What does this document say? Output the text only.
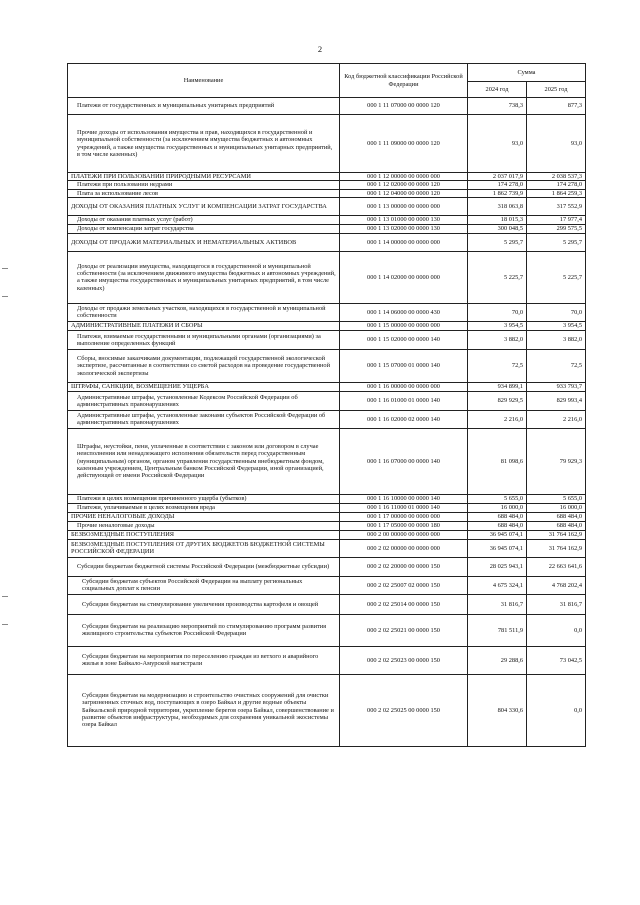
2
Наименование	Код бюджетной классификации Российской Федерации	Сумма	
		2024 год	2025 год
Платежи от государственных и муниципальных унитарных предприятий	000 1 11 07000 00 0000 120	738,3	877,3
Прочие доходы от использования имущества и прав, находящихся в государственной и муниципальной собственности (за исключением имущества бюджетных и автономных учреждений, а также имущества государственных и муниципальных унитарных предприятий, в том числе казенных)	000 1 11 09000 00 0000 120	93,0	93,0
ПЛАТЕЖИ ПРИ ПОЛЬЗОВАНИИ ПРИРОДНЫМИ РЕСУРСАМИ	000 1 12 00000 00 0000 000	2 037 017,9	2 038 537,3
Платежи при пользовании недрами	000 1 12 02000 00 0000 120	174 278,0	174 278,0
Плата за использование лесов	000 1 12 04000 00 0000 120	1 862 739,9	1 864 259,3
ДОХОДЫ ОТ ОКАЗАНИЯ ПЛАТНЫХ УСЛУГ И КОМПЕНСАЦИИ ЗАТРАТ ГОСУДАРСТВА	000 1 13 00000 00 0000 000	318 063,8	317 552,9
Доходы от оказания платных услуг (работ)	000 1 13 01000 00 0000 130	18 015,3	17 977,4
Доходы от компенсации затрат государства	000 1 13 02000 00 0000 130	300 048,5	299 575,5
ДОХОДЫ ОТ ПРОДАЖИ МАТЕРИАЛЬНЫХ И НЕМАТЕРИАЛЬНЫХ АКТИВОВ	000 1 14 00000 00 0000 000	5 295,7	5 295,7
Доходы от реализации имущества, находящегося в государственной и муниципальной собственности (за исключением движимого имущества бюджетных и автономных учреждений, а также имущества государственных и муниципальных унитарных предприятий, в том числе казенных)	000 1 14 02000 00 0000 000	5 225,7	5 225,7
Доходы от продажи земельных участков, находящихся в государственной и муниципальной собственности	000 1 14 06000 00 0000 430	70,0	70,0
АДМИНИСТРАТИВНЫЕ ПЛАТЕЖИ И СБОРЫ	000 1 15 00000 00 0000 000	3 954,5	3 954,5
Платежи, взимаемые государственными и муниципальными органами (организациями) за выполнение определенных функций	000 1 15 02000 00 0000 140	3 882,0	3 882,0
Сборы, вносимые заказчиками документации, подлежащей государственной экологической экспертизе, рассчитанные в соответствии со сметой расходов на проведение государственной экологической экспертизы	000 1 15 07000 01 0000 140	72,5	72,5
ШТРАФЫ, САНКЦИИ, ВОЗМЕЩЕНИЕ УЩЕРБА	000 1 16 00000 00 0000 000	934 899,1	933 793,7
Административные штрафы, установленные Кодексом Российской Федерации об административных правонарушениях	000 1 16 01000 01 0000 140	829 929,5	829 993,4
Административные штрафы, установленные законами субъектов Российской Федерации об административных правонарушениях	000 1 16 02000 02 0000 140	2 216,0	2 216,0
Штрафы, неустойки, пени, уплаченные в соответствии с законом или договором в случае неисполнения или ненадлежащего исполнения обязательств перед государственным (муниципальным) органом, органом управления государственным внебюджетным фондом, казенным учреждением, Центральным банком Российской Федерации, иной организацией, действующей от имени Российской Федерации	000 1 16 07000 00 0000 140	81 098,6	79 929,3
Платежи в целях возмещения причиненного ущерба (убытков)	000 1 16 10000 00 0000 140	5 655,0	5 655,0
Платежи, уплачиваемые в целях возмещения вреда	000 1 16 11000 01 0000 140	16 000,0	16 000,0
ПРОЧИЕ НЕНАЛОГОВЫЕ ДОХОДЫ	000 1 17 00000 00 0000 000	688 484,0	688 484,0
Прочие неналоговые доходы	000 1 17 05000 00 0000 180	688 484,0	688 484,0
БЕЗВОЗМЕЗДНЫЕ ПОСТУПЛЕНИЯ	000 2 00 00000 00 0000 000	36 945 074,1	31 764 162,9
БЕЗВОЗМЕЗДНЫЕ ПОСТУПЛЕНИЯ ОТ ДРУГИХ БЮДЖЕТОВ БЮДЖЕТНОЙ СИСТЕМЫ РОССИЙСКОЙ ФЕДЕРАЦИИ	000 2 02 00000 00 0000 000	36 945 074,1	31 764 162,9
Субсидии бюджетам бюджетной системы Российской Федерации (межбюджетные субсидии)	000 2 02 20000 00 0000 150	28 025 943,1	22 663 641,6
Субсидии бюджетам субъектов Российской Федерации на выплату региональных социальных доплат к пенсии	000 2 02 25007 02 0000 150	4 675 324,1	4 768 202,4
Субсидии бюджетам на стимулирование увеличения производства картофеля и овощей	000 2 02 25014 00 0000 150	31 816,7	31 816,7
Субсидии бюджетам на реализацию мероприятий по стимулированию программ развития жилищного строительства субъектов Российской Федерации	000 2 02 25021 00 0000 150	781 511,9	0,0
Субсидии бюджетам на мероприятия по переселению граждан из ветхого и аварийного жилья в зоне Байкало-Амурской магистрали	000 2 02 25023 00 0000 150	29 288,6	73 042,5
Субсидии бюджетам на модернизацию и строительство очистных сооружений для очистки загрязненных сточных вод, поступающих в озеро Байкал и другие водные объекты Байкальской природной территории, укрепление берегов озера Байкал, совершенствование и развитие объектов инфраструктуры, необходимых для сохранения уникальной экосистемы озера Байкал	000 2 02 25025 00 0000 150	804 330,6	0,0
